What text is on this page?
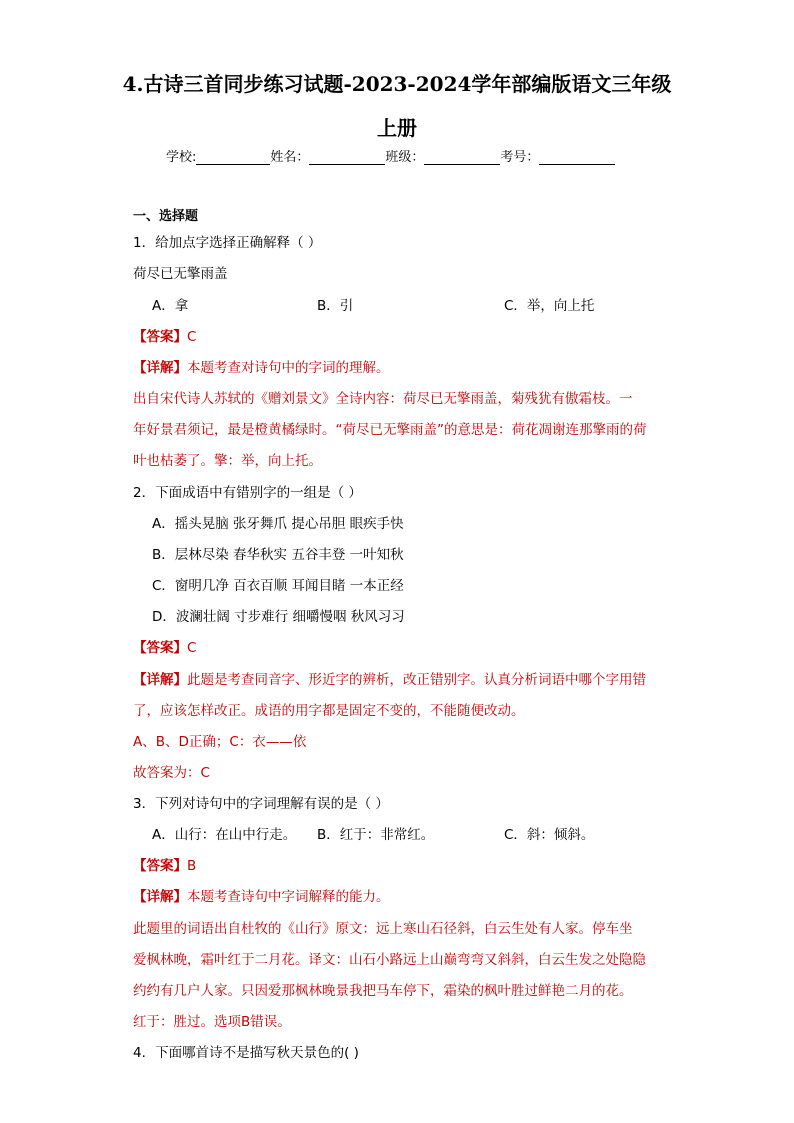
4.古诗三首同步练习试题-2023-2024学年部编版语文三年级
上册
学校:	姓名：	班级：	考号：
一、选择题
1．给加点字选择正确解释（ ）
荷尽已无擎雨盖
A．拿	B．引	C．举，向上托
【答案】C
【详解】本题考查对诗句中的字词的理解。
出自宋代诗人苏轼的《赠刘景文》全诗内容：荷尽已无擎雨盖，菊残犹有傲霜枝。一
年好景君须记，最是橙黄橘绿时。“荷尽已无擎雨盖”的意思是：荷花凋谢连那擎雨的荷
叶也枯萎了。擎：举，向上托。
2．下面成语中有错别字的一组是（ ）
A．摇头晃脑 张牙舞爪 提心吊胆 眼疾手快
B．层林尽染 春华秋实 五谷丰登 一叶知秋
C．窗明几净 百衣百顺 耳闻目睹 一本正经
D．波澜壮阔 寸步难行 细嚼慢咽 秋风习习
【答案】C
【详解】此题是考查同音字、形近字的辨析，改正错别字。认真分析词语中哪个字用错
了，应该怎样改正。成语的用字都是固定不变的，不能随便改动。
A、B、D正确；C：衣——依
故答案为：C
3．下列对诗句中的字词理解有误的是（ ）
A．山行：在山中行走。 B．红于：非常红。	C．斜：倾斜。
【答案】B
【详解】本题考查诗句中字词解释的能力。
此题里的词语出自杜牧的《山行》原文：远上寒山石径斜，白云生处有人家。停车坐
爱枫林晚，霜叶红于二月花。译文：山石小路远上山巅弯弯又斜斜，白云生发之处隐隐
约约有几户人家。只因爱那枫林晚景我把马车停下，霜染的枫叶胜过鲜艳二月的花。
红于：胜过。选项B错误。
4．下面哪首诗不是描写秋天景色的( )
